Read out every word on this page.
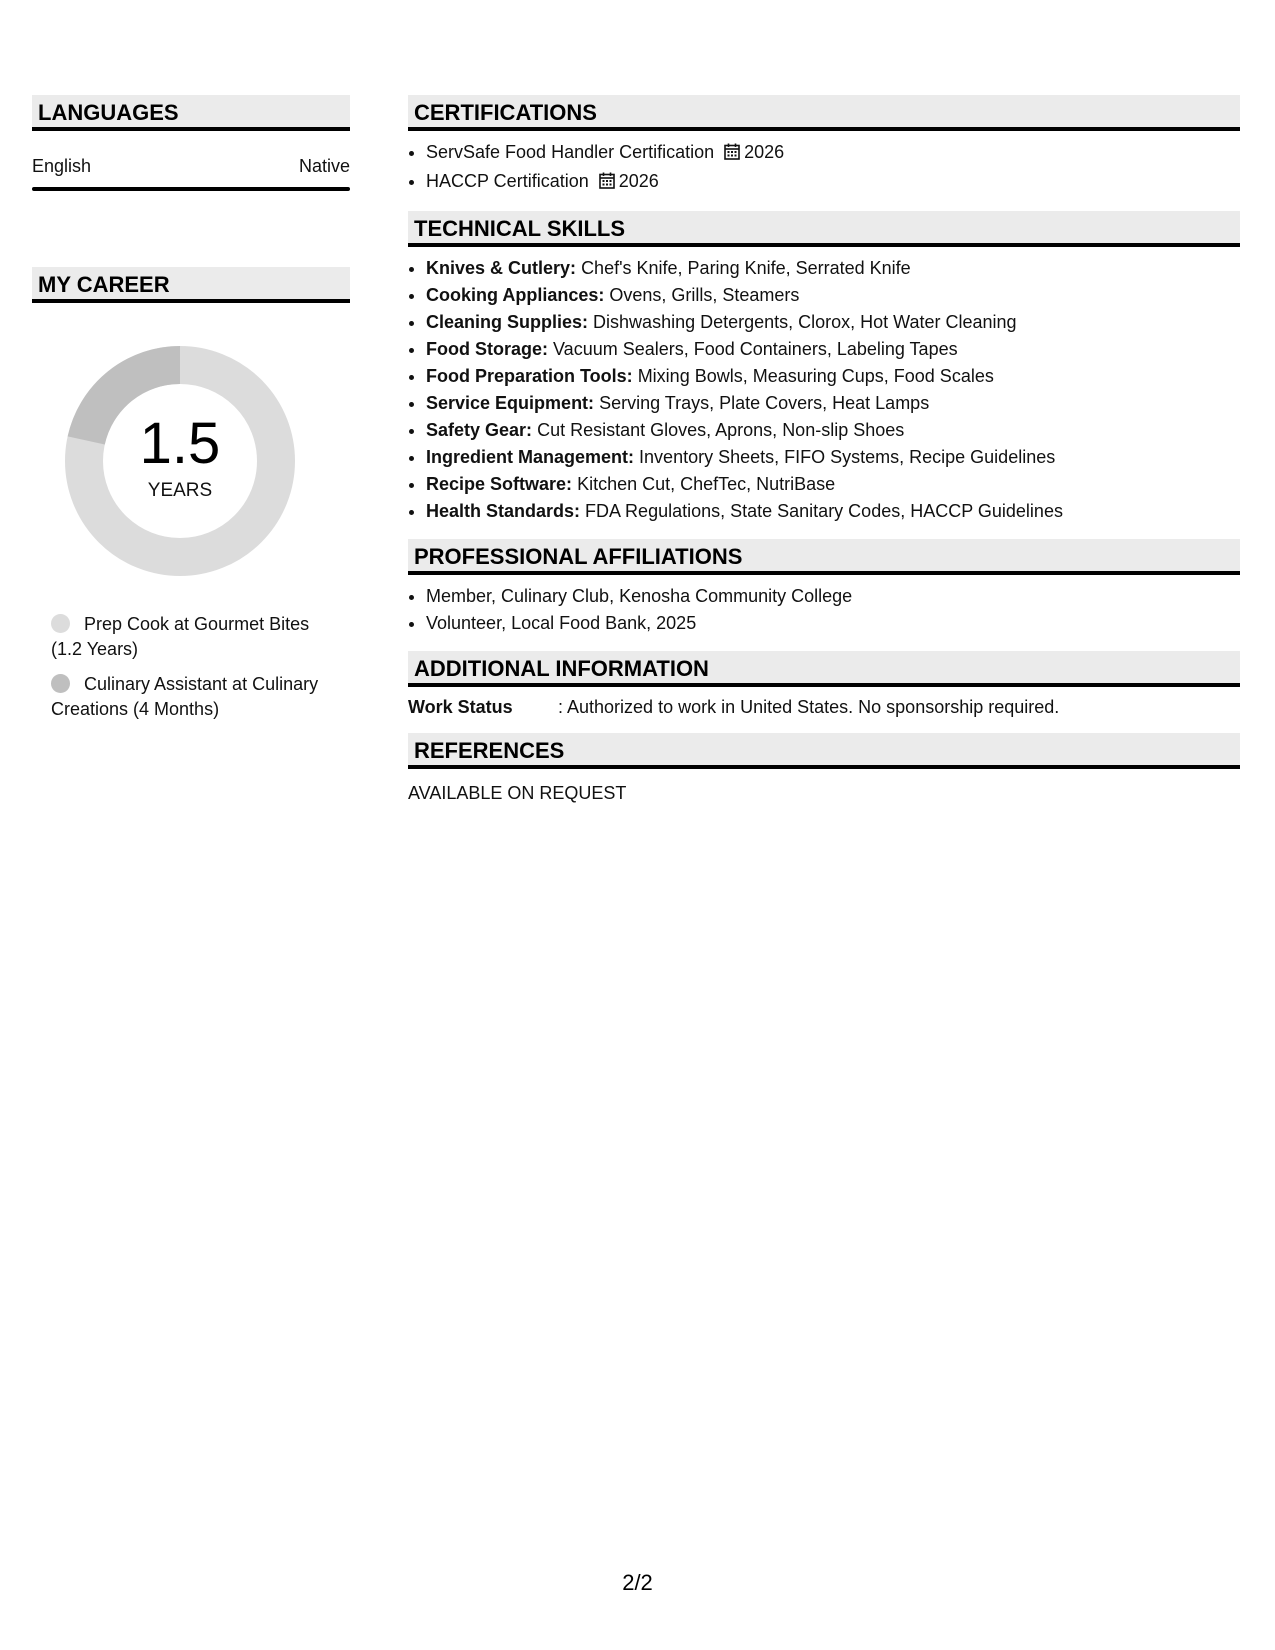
LANGUAGES
English	Native
MY CAREER
1.5
YEARS
Prep Cook at Gourmet Bites (1.2 Years)
Culinary Assistant at Culinary Creations (4 Months)
CERTIFICATIONS
• ServSafe Food Handler Certification 2026
• HACCP Certification 2026
TECHNICAL SKILLS
• Knives & Cutlery: Chef's Knife, Paring Knife, Serrated Knife
• Cooking Appliances: Ovens, Grills, Steamers
• Cleaning Supplies: Dishwashing Detergents, Clorox, Hot Water Cleaning
• Food Storage: Vacuum Sealers, Food Containers, Labeling Tapes
• Food Preparation Tools: Mixing Bowls, Measuring Cups, Food Scales
• Service Equipment: Serving Trays, Plate Covers, Heat Lamps
• Safety Gear: Cut Resistant Gloves, Aprons, Non-slip Shoes
• Ingredient Management: Inventory Sheets, FIFO Systems, Recipe Guidelines
• Recipe Software: Kitchen Cut, ChefTec, NutriBase
• Health Standards: FDA Regulations, State Sanitary Codes, HACCP Guidelines
PROFESSIONAL AFFILIATIONS
• Member, Culinary Club, Kenosha Community College
• Volunteer, Local Food Bank, 2025
ADDITIONAL INFORMATION
Work Status	: Authorized to work in United States. No sponsorship required.
REFERENCES
AVAILABLE ON REQUEST
2/2
